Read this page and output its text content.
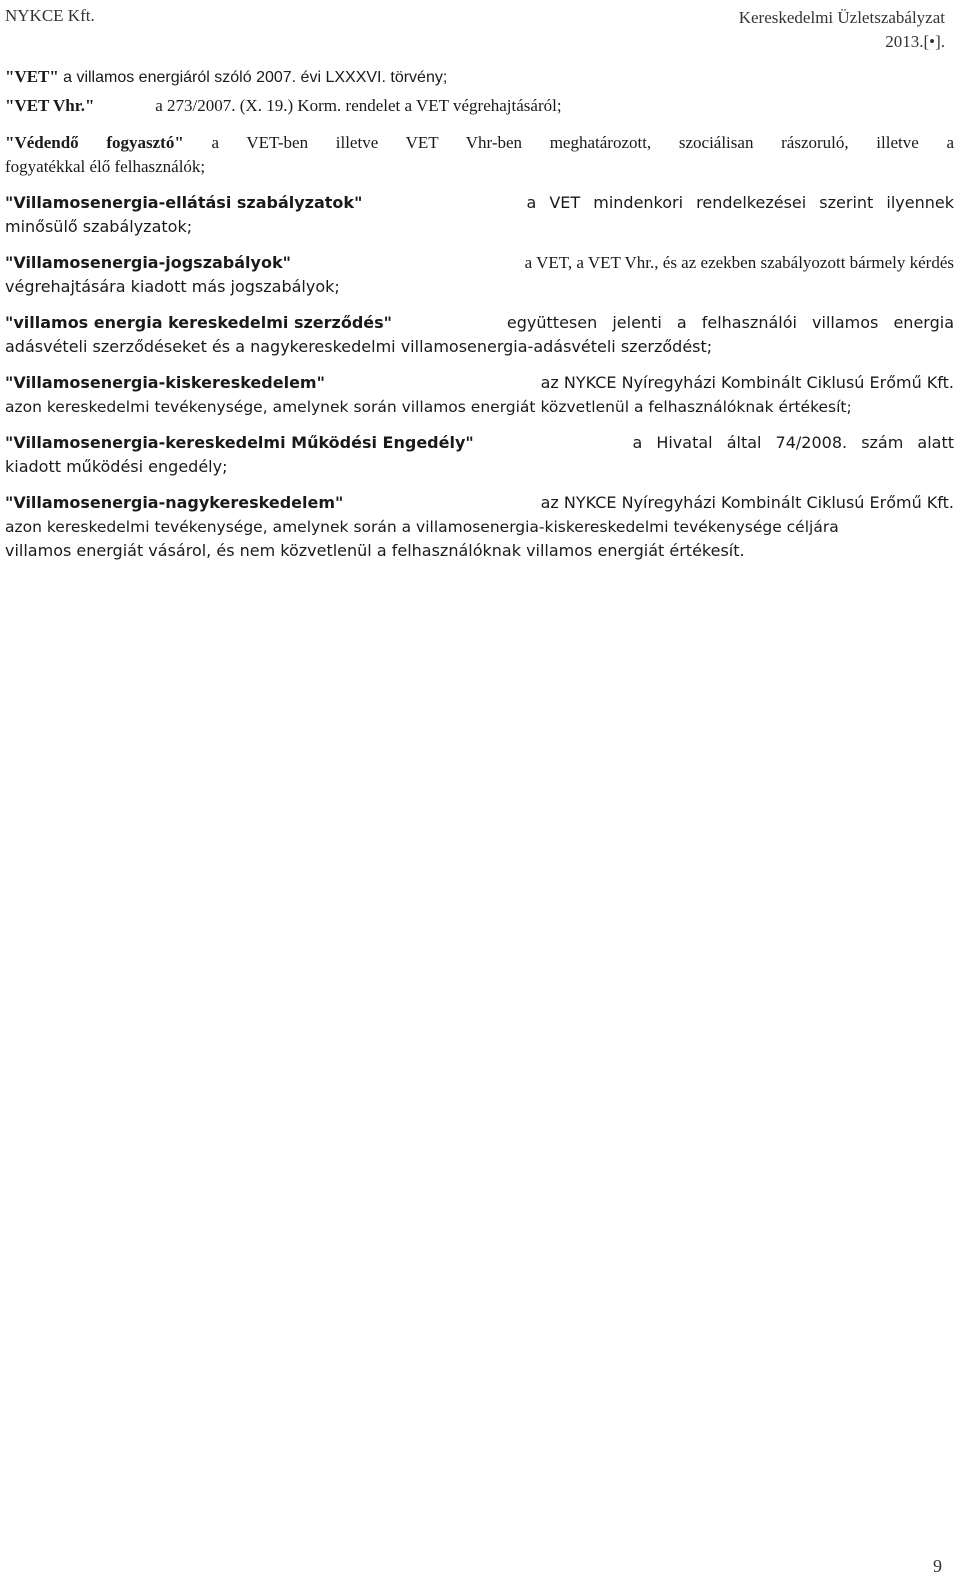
NYKCE Kft.	Kereskedelmi Üzletszabályzat
2013.[•].
"VET" a villamos energiáról szóló 2007. évi LXXXVI. törvény;
"VET Vhr."	a 273/2007. (X. 19.) Korm. rendelet a VET végrehajtásáról;
"Védendő fogyasztó" a VET-ben illetve VET Vhr-ben meghatározott, szociálisan rászoruló, illetve a
fogyatékkal élő felhasználók;
"Villamosenergia-ellátási szabályzatok"	a VET mindenkori rendelkezései szerint ilyennek
minősülő szabályzatok;
"Villamosenergia-jogszabályok"	a VET, a VET Vhr., és az ezekben szabályozott bármely kérdés
végrehajtására kiadott más jogszabályok;
"villamos energia kereskedelmi szerződés"	együttesen jelenti a felhasználói villamos energia
adásvételi szerződéseket és a nagykereskedelmi villamosenergia-adásvételi szerződést;
"Villamosenergia-kiskereskedelem"	az NYKCE Nyíregyházi Kombinált Ciklusú Erőmű Kft.
azon kereskedelmi tevékenysége, amelynek során villamos energiát közvetlenül a felhasználóknak értékesít;
"Villamosenergia-kereskedelmi Működési Engedély"	a Hivatal által 74/2008. szám alatt
kiadott működési engedély;
"Villamosenergia-nagykereskedelem"	az NYKCE Nyíregyházi Kombinált Ciklusú Erőmű Kft.
azon kereskedelmi tevékenysége, amelynek során a villamosenergia-kiskereskedelmi tevékenysége céljára
villamos energiát vásárol, és nem közvetlenül a felhasználóknak villamos energiát értékesít.
9
